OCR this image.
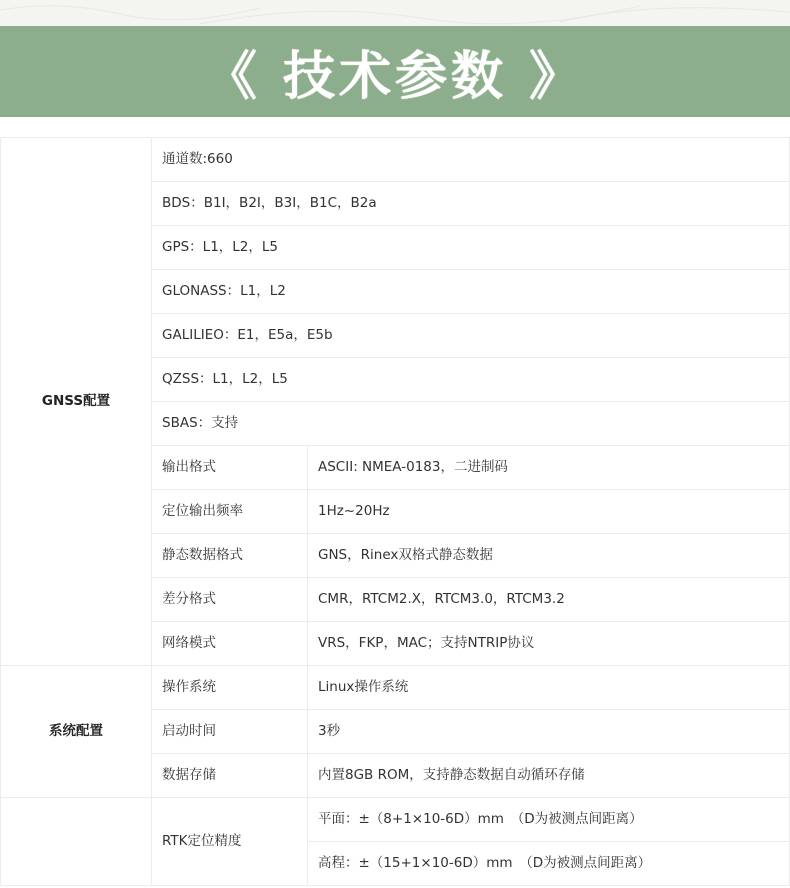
《 技术参数 》
GNSS配置	通道数:660	
	BDS：B1I，B2I，B3I，B1C，B2a	
	GPS：L1，L2，L5	
	GLONASS：L1，L2	
	GALILIEO：E1，E5a，E5b	
	QZSS：L1，L2，L5	
	SBAS：支持	
	输出格式	ASCII: NMEA-0183，二进制码
	定位输出频率	1Hz~20Hz
	静态数据格式	GNS，Rinex双格式静态数据
	差分格式	CMR，RTCM2.X，RTCM3.0，RTCM3.2
	网络模式	VRS，FKP，MAC；支持NTRIP协议
系统配置	操作系统	Linux操作系统
	启动时间	3秒
	数据存储	内置8GB ROM，支持静态数据自动循环存储
	RTK定位精度	平面：±（8+1×10-6D）mm　（D为被测点间距离）
		高程：±（15+1×10-6D）mm　（D为被测点间距离）
